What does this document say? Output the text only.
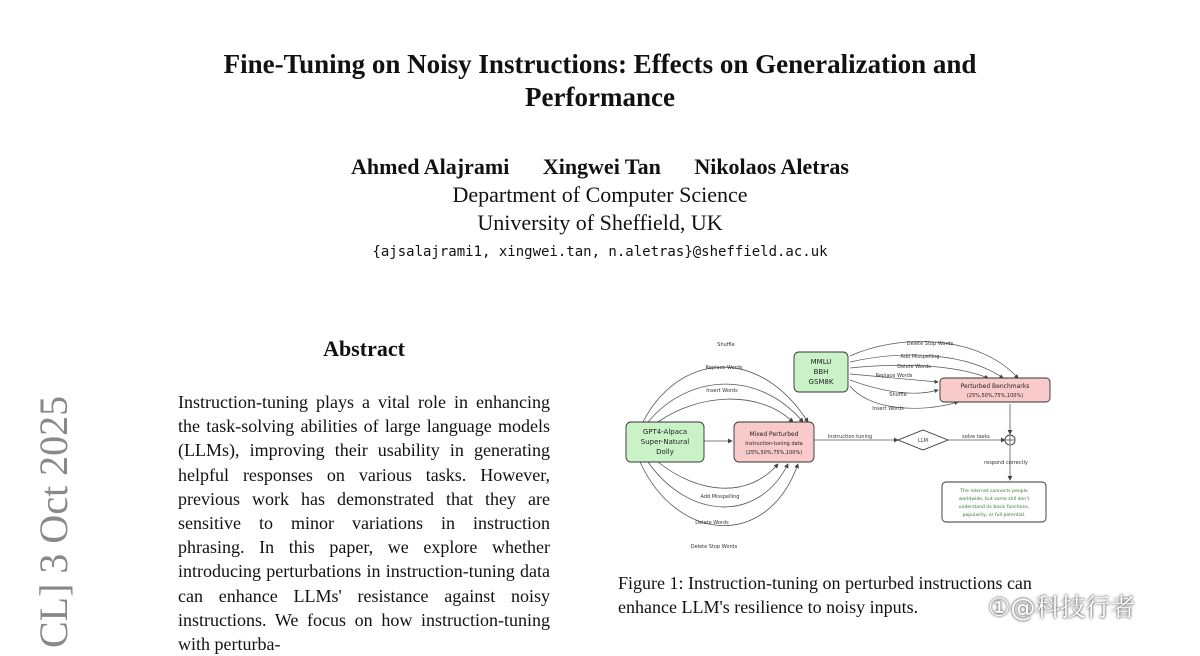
Fine-Tuning on Noisy Instructions: Effects on Generalization and Performance
Ahmed Alajrami Xingwei Tan Nikolaos Aletras
Department of Computer Science
University of Sheffield, UK
{ajsalajrami1, xingwei.tan, n.aletras}@sheffield.ac.uk
CL] 3 Oct 2025
Abstract

Instruction-tuning plays a vital role in enhancing the task-solving abilities of large language models (LLMs), improving their usability in generating helpful responses on various tasks. However, previous work has demonstrated that they are sensitive to minor variations in instruction phrasing. In this paper, we explore whether introducing perturbations in instruction-tuning data can enhance LLMs' resistance against noisy instructions. We focus on how instruction-tuning with perturba-

GPT4-Alpaca
Super-Natural
Dolly
Mixed Perturbed
Instruction-tuning data
(25%,50%,75%,100%)
MMLU
BBH
GSM8K
Perturbed Benchmarks
(25%,50%,75%,100%)
LLM
The internet connects people
worldwide, but some still don't
understand its basic functions,
popularity, or full potential.
Instruction tuning	solve tasks
respond correctly
Shuffle
Replace Words
Insert Words
Add Misspelling
Delete Words
Delete Stop Words
Delete Stop Words
Add Misspelling
Delete Words
Replace Words
Shuffle
Insert Words

Figure 1: Instruction-tuning on perturbed instructions can enhance LLM's resilience to noisy inputs.	①@科技行者
